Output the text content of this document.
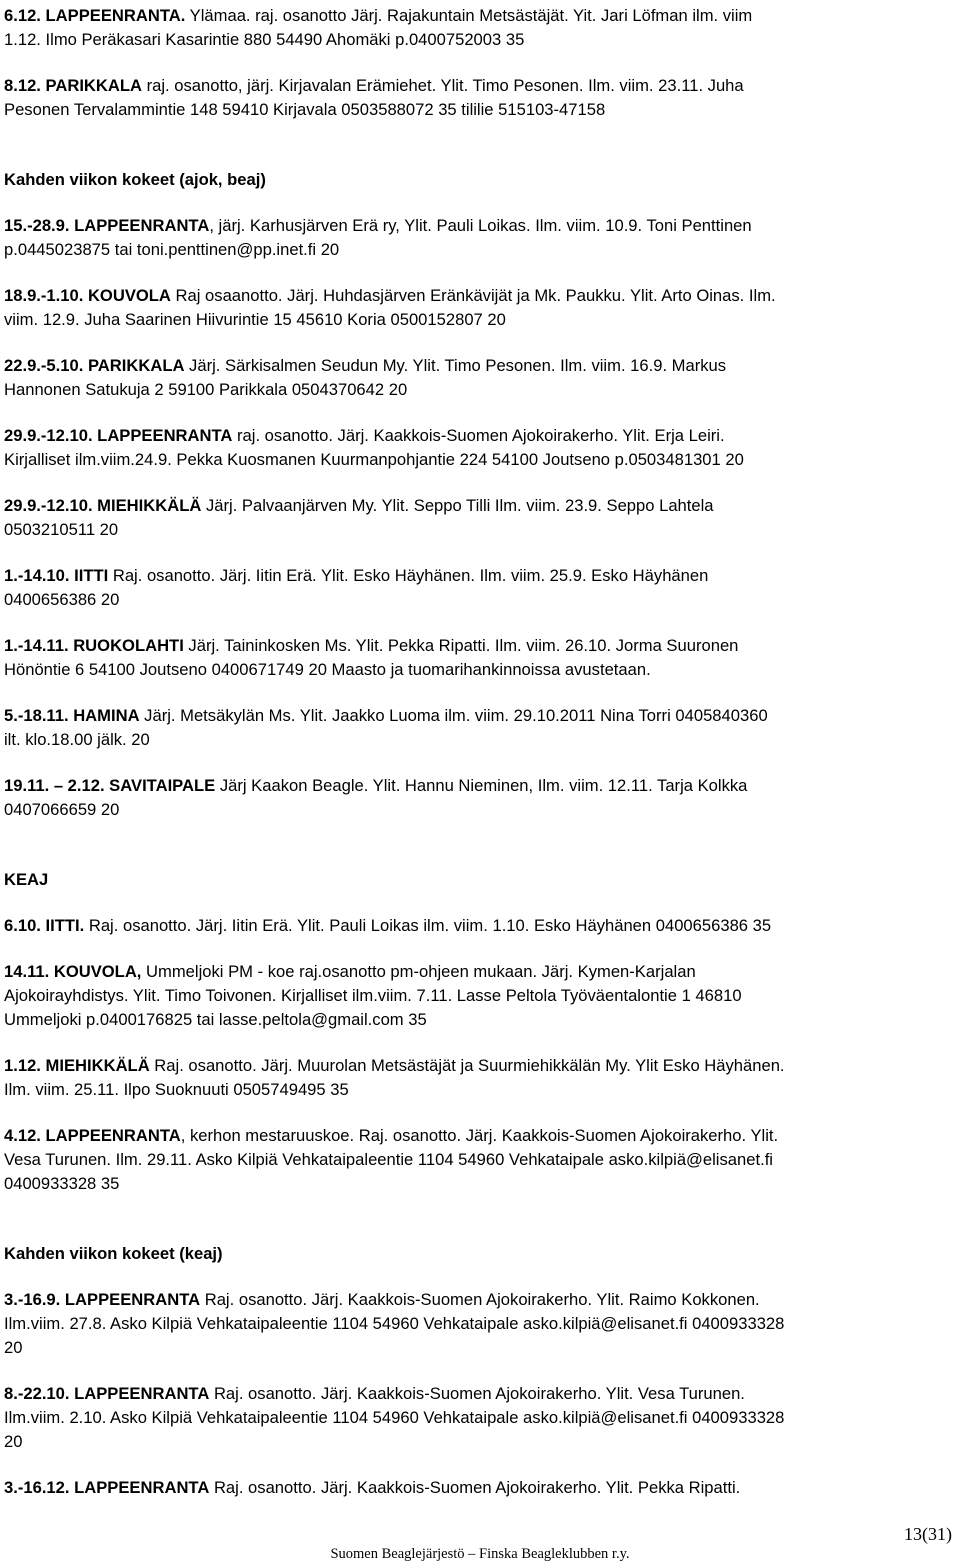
6.12. LAPPEENRANTA. Ylämaa. raj. osanotto Järj. Rajakuntain Metsästäjät. Yit. Jari Löfman ilm. viim
1.12. Ilmo Peräkasari Kasarintie 880 54490 Ahomäki p.0400752003 35
8.12. PARIKKALA raj. osanotto, järj. Kirjavalan Erämiehet. Ylit. Timo Pesonen. Ilm. viim. 23.11. Juha
Pesonen Tervalammintie 148 59410 Kirjavala 0503588072 35 tililie 515103-47158
Kahden viikon kokeet (ajok, beaj)
15.-28.9. LAPPEENRANTA, järj. Karhusjärven Erä ry, Ylit. Pauli Loikas. Ilm. viim. 10.9. Toni Penttinen
p.0445023875 tai toni.penttinen@pp.inet.fi 20
18.9.-1.10. KOUVOLA Raj osaanotto. Järj. Huhdasjärven Eränkävijät ja Mk. Paukku. Ylit. Arto Oinas. Ilm.
viim. 12.9. Juha Saarinen Hiivurintie 15 45610 Koria 0500152807 20
22.9.-5.10. PARIKKALA Järj. Särkisalmen Seudun My. Ylit. Timo Pesonen. Ilm. viim. 16.9. Markus
Hannonen Satukuja 2 59100 Parikkala 0504370642 20
29.9.-12.10. LAPPEENRANTA raj. osanotto. Järj. Kaakkois-Suomen Ajokoirakerho. Ylit. Erja Leiri.
Kirjalliset ilm.viim.24.9. Pekka Kuosmanen Kuurmanpohjantie 224 54100 Joutseno p.0503481301 20
29.9.-12.10. MIEHIKKÄLÄ Järj. Palvaanjärven My. Ylit. Seppo Tilli Ilm. viim. 23.9. Seppo Lahtela
0503210511 20
1.-14.10. IITTI Raj. osanotto. Järj. Iitin Erä. Ylit. Esko Häyhänen. Ilm. viim. 25.9. Esko Häyhänen
0400656386 20
1.-14.11. RUOKOLAHTI Järj. Taininkosken Ms. Ylit. Pekka Ripatti. Ilm. viim. 26.10. Jorma Suuronen
Hönöntie 6 54100 Joutseno 0400671749 20 Maasto ja tuomarihankinnoissa avustetaan.
5.-18.11. HAMINA Järj. Metsäkylän Ms. Ylit. Jaakko Luoma ilm. viim. 29.10.2011 Nina Torri 0405840360
ilt. klo.18.00 jälk. 20
19.11. – 2.12. SAVITAIPALE Järj Kaakon Beagle. Ylit. Hannu Nieminen, Ilm. viim. 12.11. Tarja Kolkka
0407066659 20
KEAJ
6.10. IITTI. Raj. osanotto. Järj. Iitin Erä. Ylit. Pauli Loikas ilm. viim. 1.10. Esko Häyhänen 0400656386 35
14.11. KOUVOLA, Ummeljoki PM - koe raj.osanotto pm-ohjeen mukaan. Järj. Kymen-Karjalan
Ajokoirayhdistys. Ylit. Timo Toivonen. Kirjalliset ilm.viim. 7.11. Lasse Peltola Työväentalontie 1 46810
Ummeljoki p.0400176825 tai lasse.peltola@gmail.com 35
1.12. MIEHIKKÄLÄ Raj. osanotto. Järj. Muurolan Metsästäjät ja Suurmiehikkälän My. Ylit Esko Häyhänen.
Ilm. viim. 25.11. Ilpo Suoknuuti 0505749495 35
4.12. LAPPEENRANTA, kerhon mestaruuskoe. Raj. osanotto. Järj. Kaakkois-Suomen Ajokoirakerho. Ylit.
Vesa Turunen. Ilm. 29.11. Asko Kilpiä Vehkataipaleentie 1104 54960 Vehkataipale asko.kilpiä@elisanet.fi
0400933328 35
Kahden viikon kokeet (keaj)
3.-16.9. LAPPEENRANTA Raj. osanotto. Järj. Kaakkois-Suomen Ajokoirakerho. Ylit. Raimo Kokkonen.
Ilm.viim. 27.8. Asko Kilpiä Vehkataipaleentie 1104 54960 Vehkataipale asko.kilpiä@elisanet.fi 0400933328
20
8.-22.10. LAPPEENRANTA Raj. osanotto. Järj. Kaakkois-Suomen Ajokoirakerho. Ylit. Vesa Turunen.
Ilm.viim. 2.10. Asko Kilpiä Vehkataipaleentie 1104 54960 Vehkataipale asko.kilpiä@elisanet.fi 0400933328
20
3.-16.12. LAPPEENRANTA Raj. osanotto. Järj. Kaakkois-Suomen Ajokoirakerho. Ylit. Pekka Ripatti.
13(31)
Suomen Beaglejärjestö – Finska Beagleklubben r.y.
